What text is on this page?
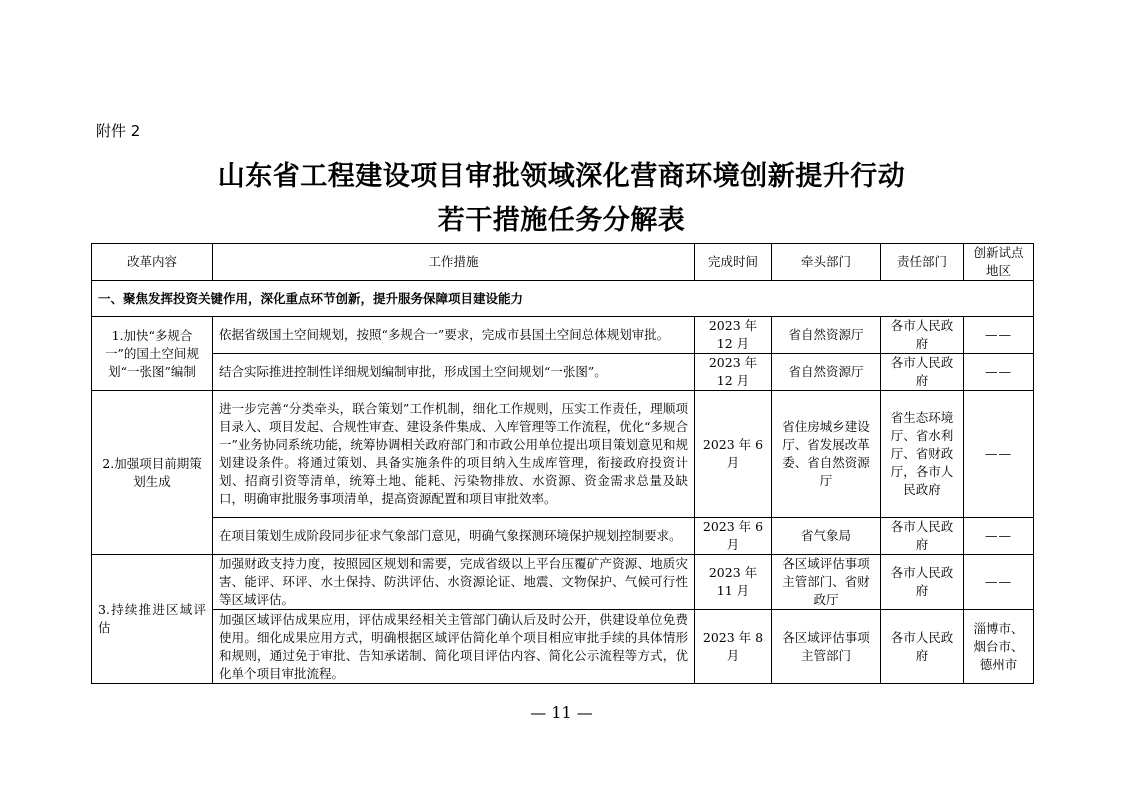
附件 2
山东省工程建设项目审批领域深化营商环境创新提升行动
若干措施任务分解表
改革内容	工作措施	完成时间	牵头部门	责任部门	创新试点地区
一、聚焦发挥投资关键作用，深化重点环节创新，提升服务保障项目建设能力					
1.加快“多规合一”的国土空间规划“一张图”编制	依据省级国土空间规划，按照“多规合一”要求，完成市县国土空间总体规划审批。	2023 年 12 月	省自然资源厅	各市人民政府	——
	结合实际推进控制性详细规划编制审批，形成国土空间规划“一张图”。	2023 年 12 月	省自然资源厅	各市人民政府	——
2.加强项目前期策划生成	进一步完善“分类牵头，联合策划”工作机制，细化工作规则，压实工作责任，理顺项目录入、项目发起、合规性审查、建设条件集成、入库管理等工作流程，优化“多规合一”业务协同系统功能，统筹协调相关政府部门和市政公用单位提出项目策划意见和规划建设条件。将通过策划、具备实施条件的项目纳入生成库管理，衔接政府投资计划、招商引资等清单，统筹土地、能耗、污染物排放、水资源、资金需求总量及缺口，明确审批服务事项清单，提高资源配置和项目审批效率。	2023 年 6 月	省住房城乡建设厅、省发展改革委、省自然资源厅	省生态环境厅、省水利厅、省财政厅，各市人民政府	——
	在项目策划生成阶段同步征求气象部门意见，明确气象探测环境保护规划控制要求。	2023 年 6 月	省气象局	各市人民政府	——
3.持续推进区域评估	加强财政支持力度，按照园区规划和需要，完成省级以上平台压覆矿产资源、地质灾害、能评、环评、水土保持、防洪评估、水资源论证、地震、文物保护、气候可行性等区域评估。	2023 年 11 月	各区域评估事项主管部门、省财政厅	各市人民政府	——
	加强区域评估成果应用，评估成果经相关主管部门确认后及时公开，供建设单位免费使用。细化成果应用方式，明确根据区域评估简化单个项目相应审批手续的具体情形和规则，通过免于审批、告知承诺制、简化项目评估内容、简化公示流程等方式，优化单个项目审批流程。	2023 年 8 月	各区域评估事项主管部门	各市人民政府	淄博市、烟台市、德州市
— 11 —
